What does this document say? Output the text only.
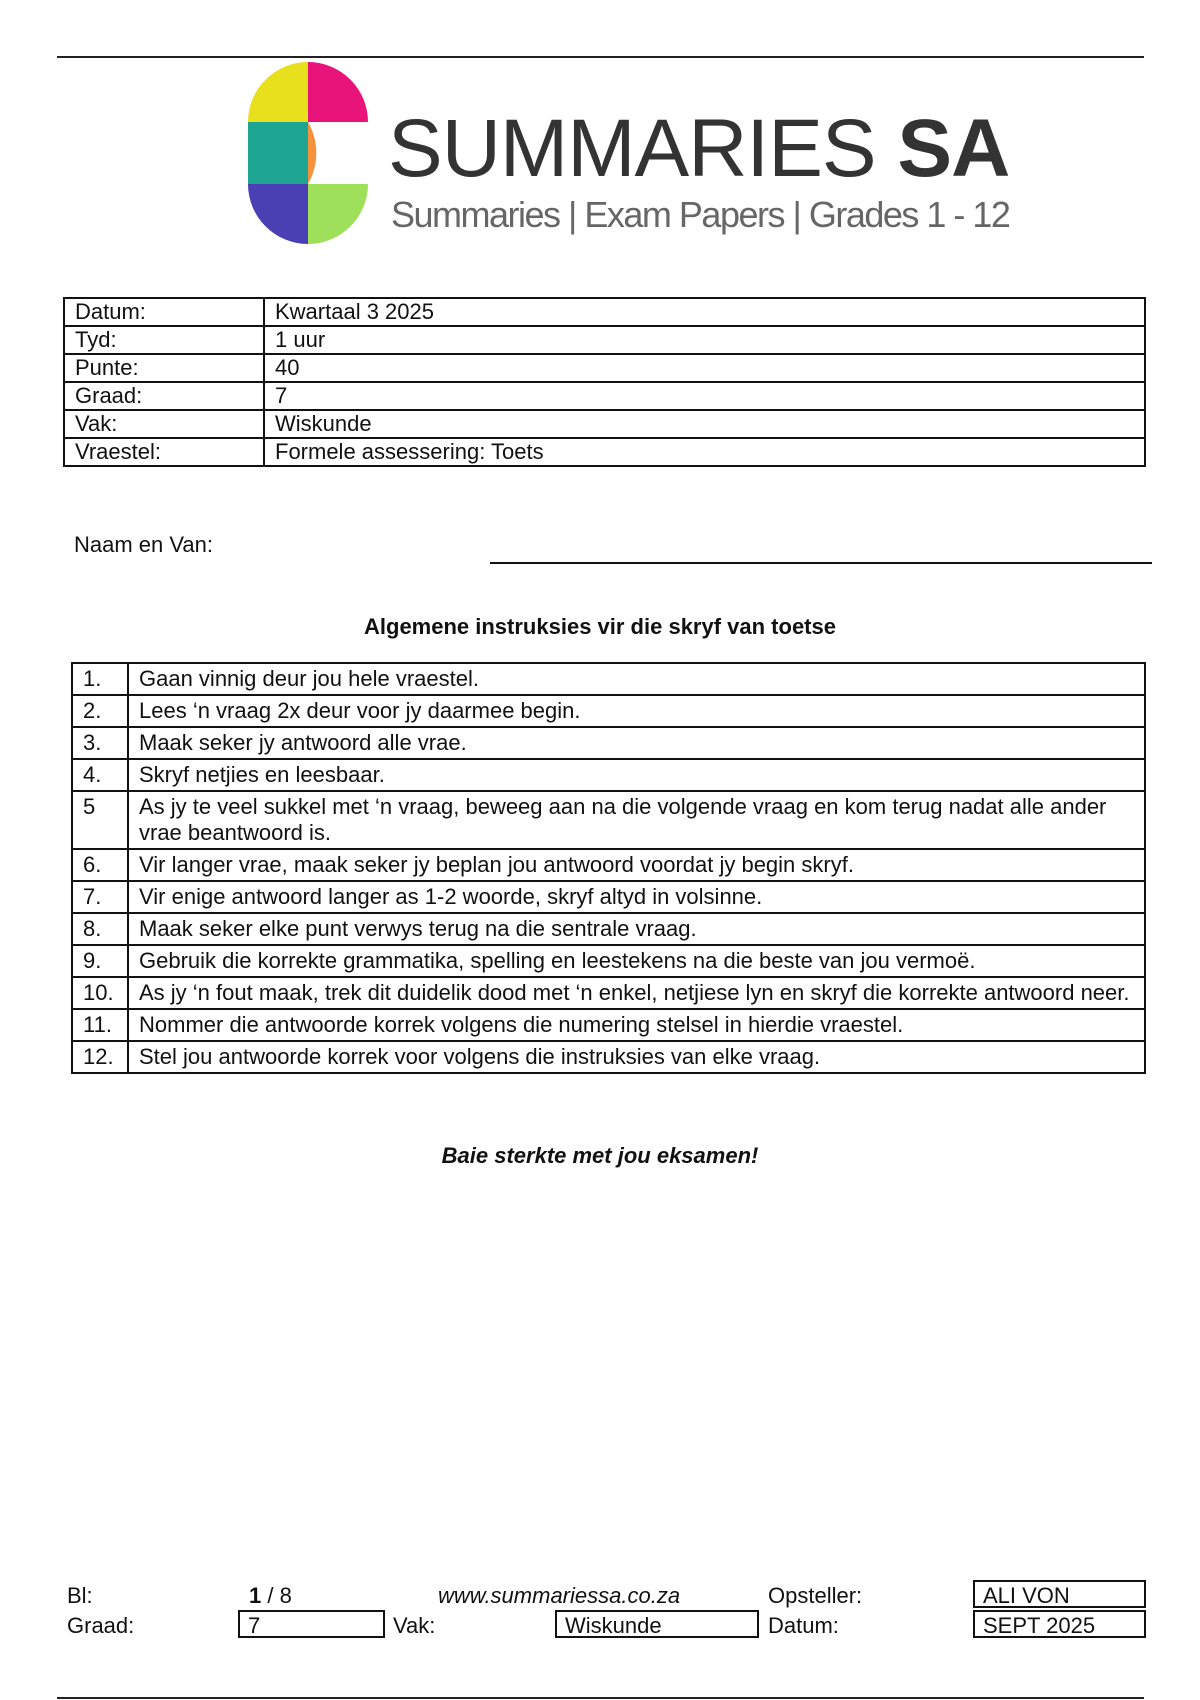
SUMMARIES SA
Summaries | Exam Papers | Grades 1 - 12
Datum:	Kwartaal 3 2025
Tyd:	1 uur
Punte:	40
Graad:	7
Vak:	Wiskunde
Vraestel:	Formele assessering: Toets
Naam en Van:
Algemene instruksies vir die skryf van toetse
1.	Gaan vinnig deur jou hele vraestel.
2.	Lees ‘n vraag 2x deur voor jy daarmee begin.
3.	Maak seker jy antwoord alle vrae.
4.	Skryf netjies en leesbaar.
5	As jy te veel sukkel met ‘n vraag, beweeg aan na die volgende vraag en kom terug nadat alle ander vrae beantwoord is.
6.	Vir langer vrae, maak seker jy beplan jou antwoord voordat jy begin skryf.
7.	Vir enige antwoord langer as 1-2 woorde, skryf altyd in volsinne.
8.	Maak seker elke punt verwys terug na die sentrale vraag.
9.	Gebruik die korrekte grammatika, spelling en leestekens na die beste van jou vermoë.
10.	As jy ‘n fout maak, trek dit duidelik dood met ‘n enkel, netjiese lyn en skryf die korrekte antwoord neer.
11.	Nommer die antwoorde korrek volgens die numering stelsel in hierdie vraestel.
12.	Stel jou antwoorde korrek voor volgens die instruksies van elke vraag.
Baie sterkte met jou eksamen!
Bl:	1 / 8	www.summariessa.co.za	Opsteller:	ALI VON
Graad:	7	Vak:	Wiskunde	Datum:	SEPT 2025
